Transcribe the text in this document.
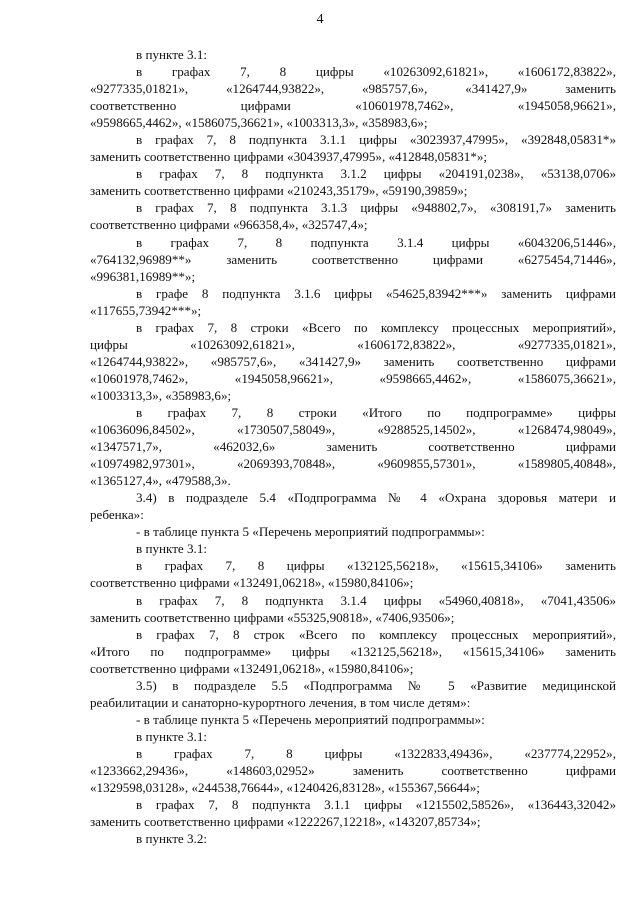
4
в пункте 3.1:
в графах 7, 8 цифры «10263092,61821», «1606172,83822»,
«9277335,01821», «1264744,93822», «985757,6», «341427,9» заменить
соответственно цифрами «10601978,7462», «1945058,96621»,
«9598665,4462», «1586075,36621», «1003313,3», «358983,6»;
в графах 7, 8 подпункта 3.1.1 цифры «3023937,47995», «392848,05831*»
заменить соответственно цифрами «3043937,47995», «412848,05831*»;
в графах 7, 8 подпункта 3.1.2 цифры «204191,0238», «53138,0706»
заменить соответственно цифрами «210243,35179», «59190,39859»;
в графах 7, 8 подпункта 3.1.3 цифры «948802,7», «308191,7» заменить
соответственно цифрами «966358,4», «325747,4»;
в графах 7, 8 подпункта 3.1.4 цифры «6043206,51446»,
«764132,96989**» заменить соответственно цифрами «6275454,71446»,
«996381,16989**»;
в графе 8 подпункта 3.1.6 цифры «54625,83942***» заменить цифрами
«117655,73942***»;
в графах 7, 8 строки «Всего по комплексу процессных мероприятий»,
цифры «10263092,61821», «1606172,83822», «9277335,01821»,
«1264744,93822», «985757,6», «341427,9» заменить соответственно цифрами
«10601978,7462», «1945058,96621», «9598665,4462», «1586075,36621»,
«1003313,3», «358983,6»;
в графах 7, 8 строки «Итого по подпрограмме» цифры
«10636096,84502», «1730507,58049», «9288525,14502», «1268474,98049»,
«1347571,7», «462032,6» заменить соответственно цифрами
«10974982,97301», «2069393,70848», «9609855,57301», «1589805,40848»,
«1365127,4», «479588,3».
3.4) в подразделе 5.4 «Подпрограмма № 4 «Охрана здоровья матери и
ребенка»:
- в таблице пункта 5 «Перечень мероприятий подпрограммы»:
в пункте 3.1:
в графах 7, 8 цифры «132125,56218», «15615,34106» заменить
соответственно цифрами «132491,06218», «15980,84106»;
в графах 7, 8 подпункта 3.1.4 цифры «54960,40818», «7041,43506»
заменить соответственно цифрами «55325,90818», «7406,93506»;
в графах 7, 8 строк «Всего по комплексу процессных мероприятий»,
«Итого по подпрограмме» цифры «132125,56218», «15615,34106» заменить
соответственно цифрами «132491,06218», «15980,84106»;
3.5) в подразделе 5.5 «Подпрограмма № 5 «Развитие медицинской
реабилитации и санаторно-курортного лечения, в том числе детям»:
- в таблице пункта 5 «Перечень мероприятий подпрограммы»:
в пункте 3.1:
в графах 7, 8 цифры «1322833,49436», «237774,22952»,
«1233662,29436», «148603,02952» заменить соответственно цифрами
«1329598,03128», «244538,76644», «1240426,83128», «155367,56644»;
в графах 7, 8 подпункта 3.1.1 цифры «1215502,58526», «136443,32042»
заменить соответственно цифрами «1222267,12218», «143207,85734»;
в пункте 3.2:
